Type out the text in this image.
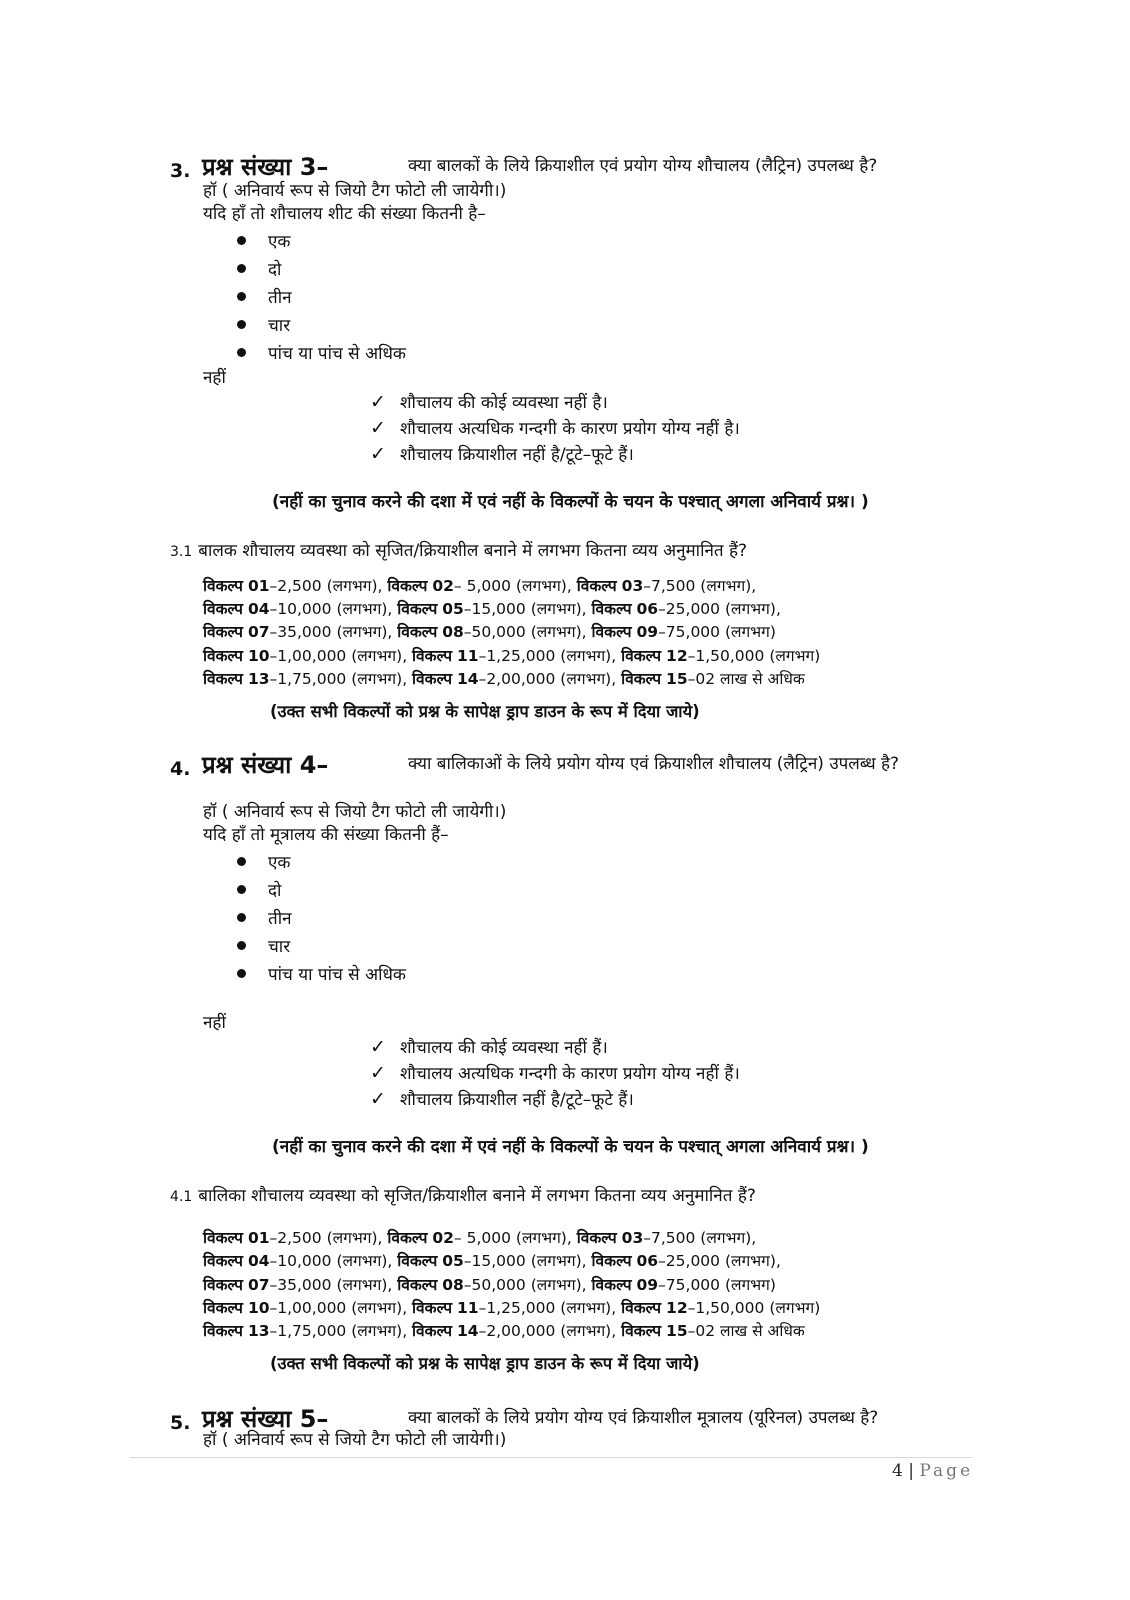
3. प्रश्न संख्या 3–	क्या बालकों के लिये क्रियाशील एवं प्रयोग योग्य शौचालय (लैट्रिन) उपलब्ध है?
हॉ ( अनिवार्य रूप से जियो टैग फोटो ली जायेगी।)
यदि हाँ तो शौचालय शीट की संख्या कितनी है–
एक
दो
तीन
चार
पांच या पांच से अधिक
नहीं
✓ शौचालय की कोई व्यवस्था नहीं है।
✓ शौचालय अत्यधिक गन्दगी के कारण प्रयोग योग्य नहीं है।
✓ शौचालय क्रियाशील नहीं है/टूटे–फूटे हैं।
(नहीं का चुनाव करने की दशा में एवं नहीं के विकल्पों के चयन के पश्चात् अगला अनिवार्य प्रश्न। )
3.1 बालक शौचालय व्यवस्था को सृजित/क्रियाशील बनाने में लगभग कितना व्यय अनुमानित हैं?
विकल्प 01–2,500 (लगभग), विकल्प 02– 5,000 (लगभग), विकल्प 03–7,500 (लगभग),
विकल्प 04–10,000 (लगभग), विकल्प 05–15,000 (लगभग), विकल्प 06–25,000 (लगभग),
विकल्प 07–35,000 (लगभग), विकल्प 08–50,000 (लगभग), विकल्प 09–75,000 (लगभग)
विकल्प 10–1,00,000 (लगभग), विकल्प 11–1,25,000 (लगभग), विकल्प 12–1,50,000 (लगभग)
विकल्प 13–1,75,000 (लगभग), विकल्प 14–2,00,000 (लगभग), विकल्प 15–02 लाख से अधिक
(उक्त सभी विकल्पों को प्रश्न के सापेक्ष ड्राप डाउन के रूप में दिया जाये)
4. प्रश्न संख्या 4–	क्या बालिकाओं के लिये प्रयोग योग्य एवं क्रियाशील शौचालय (लैट्रिन) उपलब्ध है?
हॉ ( अनिवार्य रूप से जियो टैग फोटो ली जायेगी।)
यदि हाँ तो मूत्रालय की संख्या कितनी हैं–
एक
दो
तीन
चार
पांच या पांच से अधिक
नहीं
✓ शौचालय की कोई व्यवस्था नहीं हैं।
✓ शौचालय अत्यधिक गन्दगी के कारण प्रयोग योग्य नहीं हैं।
✓ शौचालय क्रियाशील नहीं है/टूटे–फूटे हैं।
(नहीं का चुनाव करने की दशा में एवं नहीं के विकल्पों के चयन के पश्चात् अगला अनिवार्य प्रश्न। )
4.1 बालिका शौचालय व्यवस्था को सृजित/क्रियाशील बनाने में लगभग कितना व्यय अनुमानित हैं?
विकल्प 01–2,500 (लगभग), विकल्प 02– 5,000 (लगभग), विकल्प 03–7,500 (लगभग),
विकल्प 04–10,000 (लगभग), विकल्प 05–15,000 (लगभग), विकल्प 06–25,000 (लगभग),
विकल्प 07–35,000 (लगभग), विकल्प 08–50,000 (लगभग), विकल्प 09–75,000 (लगभग)
विकल्प 10–1,00,000 (लगभग), विकल्प 11–1,25,000 (लगभग), विकल्प 12–1,50,000 (लगभग)
विकल्प 13–1,75,000 (लगभग), विकल्प 14–2,00,000 (लगभग), विकल्प 15–02 लाख से अधिक
(उक्त सभी विकल्पों को प्रश्न के सापेक्ष ड्राप डाउन के रूप में दिया जाये)
5. प्रश्न संख्या 5–	क्या बालकों के लिये प्रयोग योग्य एवं क्रियाशील मूत्रालय (यूरिनल) उपलब्ध है?
हॉ ( अनिवार्य रूप से जियो टैग फोटो ली जायेगी।)
4 | Page
